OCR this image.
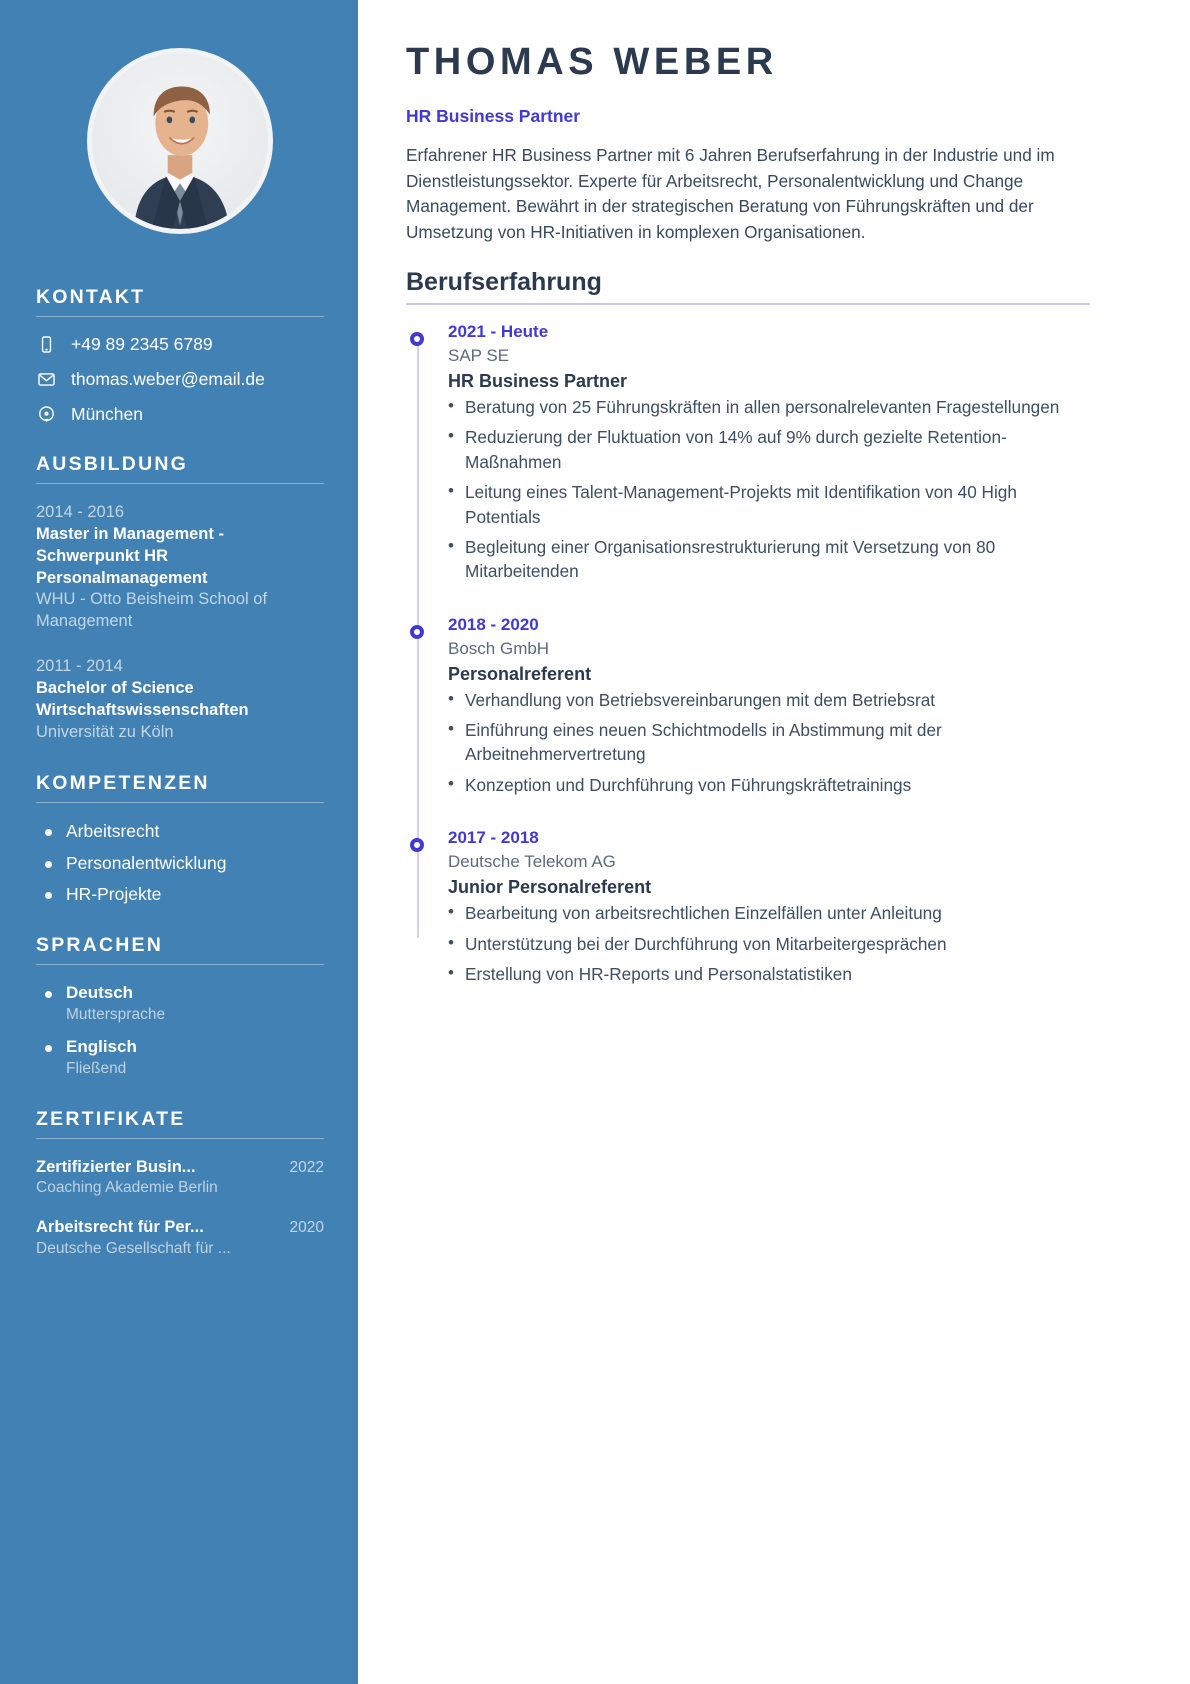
KONTAKT
+49 89 2345 6789
thomas.weber@email.de
München
AUSBILDUNG
2014 - 2016
Master in Management - Schwerpunkt HR Personalmanagement
WHU - Otto Beisheim School of Management
2011 - 2014
Bachelor of Science Wirtschaftswissenschaften
Universität zu Köln
KOMPETENZEN
Arbeitsrecht
Personalentwicklung
HR-Projekte
SPRACHEN
Deutsch
Muttersprache
Englisch
Fließend
ZERTIFIKATE
Zertifizierter Busin...	2022
Coaching Akademie Berlin
Arbeitsrecht für Per...	2020
Deutsche Gesellschaft für ...
THOMAS WEBER
HR Business Partner

Erfahrener HR Business Partner mit 6 Jahren Berufserfahrung in der Industrie und im Dienstleistungssektor. Experte für Arbeitsrecht, Personalentwicklung und Change Management. Bewährt in der strategischen Beratung von Führungskräften und der Umsetzung von HR-Initiativen in komplexen Organisationen.

Berufserfahrung
2021 - Heute
SAP SE
HR Business Partner
• Beratung von 25 Führungskräften in allen personalrelevanten Fragestellungen
• Reduzierung der Fluktuation von 14% auf 9% durch gezielte Retention-Maßnahmen
• Leitung eines Talent-Management-Projekts mit Identifikation von 40 High Potentials
• Begleitung einer Organisationsrestrukturierung mit Versetzung von 80 Mitarbeitenden
2018 - 2020
Bosch GmbH
Personalreferent
• Verhandlung von Betriebsvereinbarungen mit dem Betriebsrat
• Einführung eines neuen Schichtmodells in Abstimmung mit der Arbeitnehmervertretung
• Konzeption und Durchführung von Führungskräftetrainings
2017 - 2018
Deutsche Telekom AG
Junior Personalreferent
• Bearbeitung von arbeitsrechtlichen Einzelfällen unter Anleitung
• Unterstützung bei der Durchführung von Mitarbeitergesprächen
• Erstellung von HR-Reports und Personalstatistiken
